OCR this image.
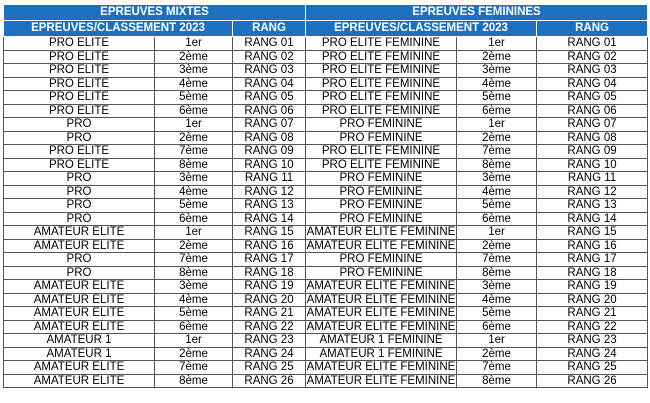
EPREUVES MIXTES			EPREUVES FEMININES		
EPREUVES/CLASSEMENT 2023		RANG	EPREUVES/CLASSEMENT 2023		RANG
PRO ELITE	1er	RANG 01	PRO ELITE FEMININE	1er	RANG 01
PRO ELITE	2ème	RANG 02	PRO ELITE FEMININE	2ème	RANG 02
PRO ELITE	3ème	RANG 03	PRO ELITE FEMININE	3ème	RANG 03
PRO ELITE	4ème	RANG 04	PRO ELITE FEMININE	4ème	RANG 04
PRO ELITE	5ème	RANG 05	PRO ELITE FEMININE	5ème	RANG 05
PRO ELITE	6ème	RANG 06	PRO ELITE FEMININE	6ème	RANG 06
PRO	1er	RANG 07	PRO FEMININE	1er	RANG 07
PRO	2ème	RANG 08	PRO FEMININE	2ème	RANG 08
PRO ELITE	7ème	RANG 09	PRO ELITE FEMININE	7ème	RANG 09
PRO ELITE	8ème	RANG 10	PRO ELITE FEMININE	8ème	RANG 10
PRO	3ème	RANG 11	PRO FEMININE	3ème	RANG 11
PRO	4ème	RANG 12	PRO FEMININE	4ème	RANG 12
PRO	5ème	RANG 13	PRO FEMININE	5ème	RANG 13
PRO	6ème	RANG 14	PRO FEMININE	6ème	RANG 14
AMATEUR ELITE	1er	RANG 15	AMATEUR ELITE FEMININE	1er	RANG 15
AMATEUR ELITE	2ème	RANG 16	AMATEUR ELITE FEMININE	2ème	RANG 16
PRO	7ème	RANG 17	PRO FEMININE	7ème	RANG 17
PRO	8ème	RANG 18	PRO FEMININE	8ème	RANG 18
AMATEUR ELITE	3ème	RANG 19	AMATEUR ELITE FEMININE	3ème	RANG 19
AMATEUR ELITE	4ème	RANG 20	AMATEUR ELITE FEMININE	4ème	RANG 20
AMATEUR ELITE	5ème	RANG 21	AMATEUR ELITE FEMININE	5ème	RANG 21
AMATEUR ELITE	6ème	RANG 22	AMATEUR ELITE FEMININE	6ème	RANG 22
AMATEUR 1	1er	RANG 23	AMATEUR 1 FEMININE	1er	RANG 23
AMATEUR 1	2ème	RANG 24	AMATEUR 1 FEMININE	2ème	RANG 24
AMATEUR ELITE	7ème	RANG 25	AMATEUR ELITE FEMININE	7ème	RANG 25
AMATEUR ELITE	8ème	RANG 26	AMATEUR ELITE FEMININE	8ème	RANG 26
